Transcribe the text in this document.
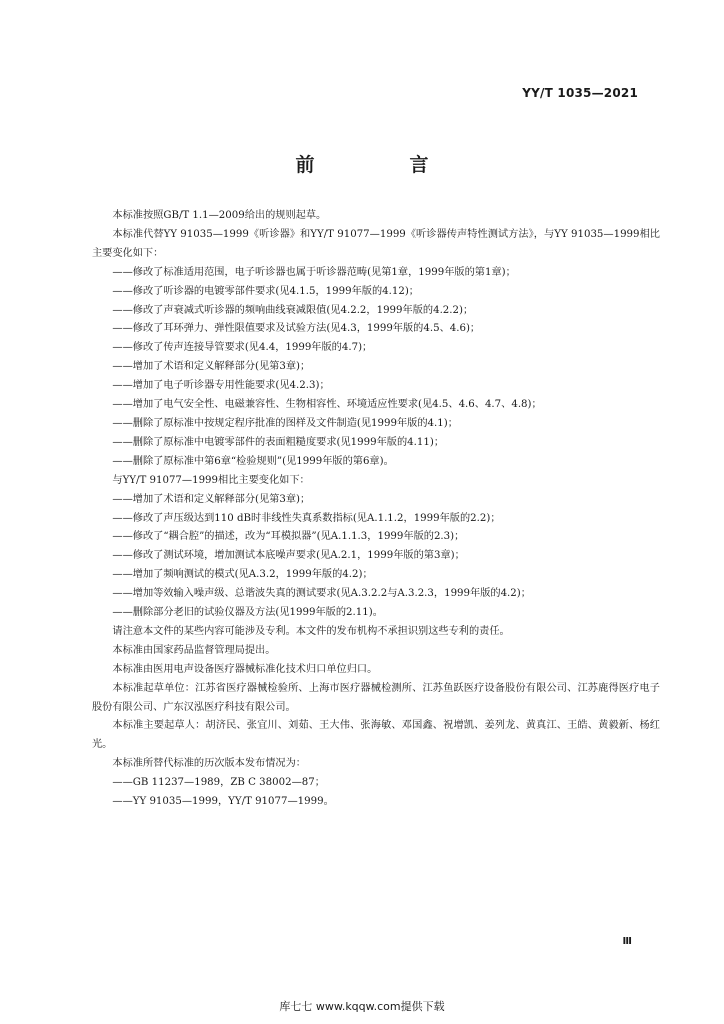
YY/T 1035—2021
前　言

本标准按照GB/T 1.1—2009给出的规则起草。

本标准代替YY 91035—1999《听诊器》和YY/T 91077—1999《听诊器传声特性测试方法》，与YY 91035—1999相比主要变化如下：

——修改了标准适用范围，电子听诊器也属于听诊器范畴(见第1章，1999年版的第1章)；

——修改了听诊器的电镀零部件要求(见4.1.5，1999年版的4.12)；

——修改了声衰减式听诊器的频响曲线衰减限值(见4.2.2，1999年版的4.2.2)；

——修改了耳环弹力、弹性限值要求及试验方法(见4.3，1999年版的4.5、4.6)；

——修改了传声连接导管要求(见4.4，1999年版的4.7)；

——增加了术语和定义解释部分(见第3章)；

——增加了电子听诊器专用性能要求(见4.2.3)；

——增加了电气安全性、电磁兼容性、生物相容性、环境适应性要求(见4.5、4.6、4.7、4.8)；

——删除了原标准中按规定程序批准的图样及文件制造(见1999年版的4.1)；

——删除了原标准中电镀零部件的表面粗糙度要求(见1999年版的4.11)；

——删除了原标准中第6章“检验规则”(见1999年版的第6章)。

与YY/T 91077—1999相比主要变化如下：

——增加了术语和定义解释部分(见第3章)；

——修改了声压级达到110 dB时非线性失真系数指标(见A.1.1.2，1999年版的2.2)；

——修改了“耦合腔”的描述，改为“耳模拟器”(见A.1.1.3，1999年版的2.3)；

——修改了测试环境，增加测试本底噪声要求(见A.2.1，1999年版的第3章)；

——增加了频响测试的模式(见A.3.2，1999年版的4.2)；

——增加等效输入噪声级、总谐波失真的测试要求(见A.3.2.2与A.3.2.3，1999年版的4.2)；

——删除部分老旧的试验仪器及方法(见1999年版的2.11)。

请注意本文件的某些内容可能涉及专利。本文件的发布机构不承担识别这些专利的责任。

本标准由国家药品监督管理局提出。

本标准由医用电声设备医疗器械标准化技术归口单位归口。

本标准起草单位：江苏省医疗器械检验所、上海市医疗器械检测所、江苏鱼跃医疗设备股份有限公司、江苏鹿得医疗电子股份有限公司、广东汉泓医疗科技有限公司。

本标准主要起草人：胡济民、张宜川、刘茹、王大伟、张海敏、邓国鑫、祝增凯、姜列龙、黄真江、王皓、黄毅新、杨红光。

本标准所替代标准的历次版本发布情况为：

——GB 11237—1989，ZB C 38002—87；

——YY 91035—1999，YY/T 91077—1999。

Ⅲ
库七七 www.kqqw.com提供下载
